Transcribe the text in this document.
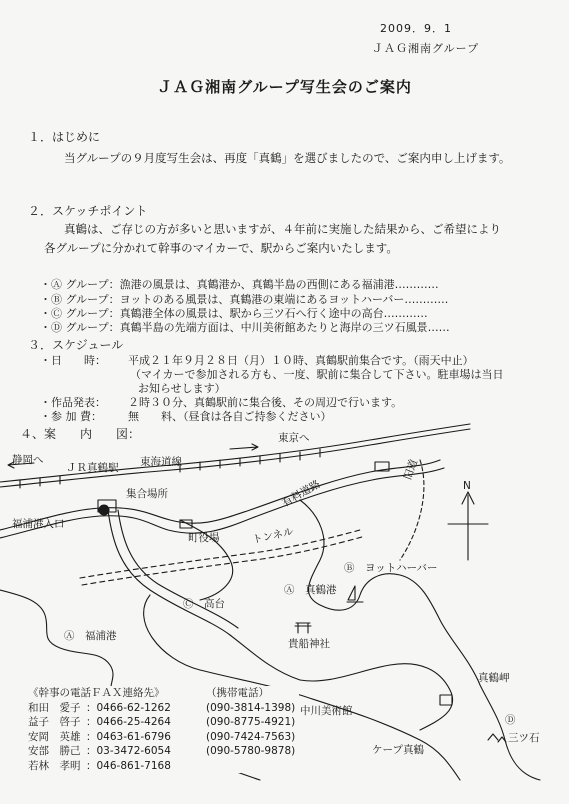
2009．9．1
ＪＡＧ湘南グループ
ＪＡＧ湘南グループ写生会のご案内
１．はじめに
当グループの９月度写生会は、再度「真鶴」を選びましたので、ご案内申し上げます。
２．スケッチポイント
真鶴は、ご存じの方が多いと思いますが、４年前に実施した結果から、ご希望により
各グループに分かれて幹事のマイカーで、駅からご案内いたします。
・Ⓐ グループ：漁港の風景は、真鶴港か、真鶴半島の西側にある福浦港…………
・Ⓑ グループ：ヨットのある風景は、真鶴港の東端にあるヨットハーバー…………
・Ⓒ グループ：真鶴港全体の風景は、駅から三ツ石へ行く途中の高台…………
・Ⓓ グループ：真鶴半島の先端方面は、中川美術館あたりと海岸の三ツ石風景……
３．スケジュール
・日　　時： 平成２１年９月２８日（月）１０時、真鶴駅前集合です。（雨天中止）
（マイカーで参加される方も、一度、駅前に集合して下さい。駐車場は当日
お知らせします）
・作品発表： ２時３０分、真鶴駅前に集合後、その周辺で行います。
・参 加 費： 無　　料、（昼食は各自ご持参ください）
４、案　　内　　図：	東京へ
静岡へ
ＪＲ真鶴駅 東海道線
集合場所
福浦港入口
町役場
有料道路
旧道
トンネル
N
Ⓑ　ヨットハーバー
Ⓐ　真鶴港
Ⓒ　高台
貴船神社
Ⓐ　福浦港
真鶴岬
中川美術館
Ⓓ
三ツ石
ケープ真鶴
《幹事の電話ＦＡＸ連絡先》	（携帯電話）
和田　愛子 ：0466-62-1262	(090-3814-1398)
益子　啓子 ：0466-25-4264	(090-8775-4921)
安岡　英雄 ：0463-61-6796	(090-7424-7563)
安部　勝己 ：03-3472-6054	(090-5780-9878)
若林　孝明 ：046-861-7168
